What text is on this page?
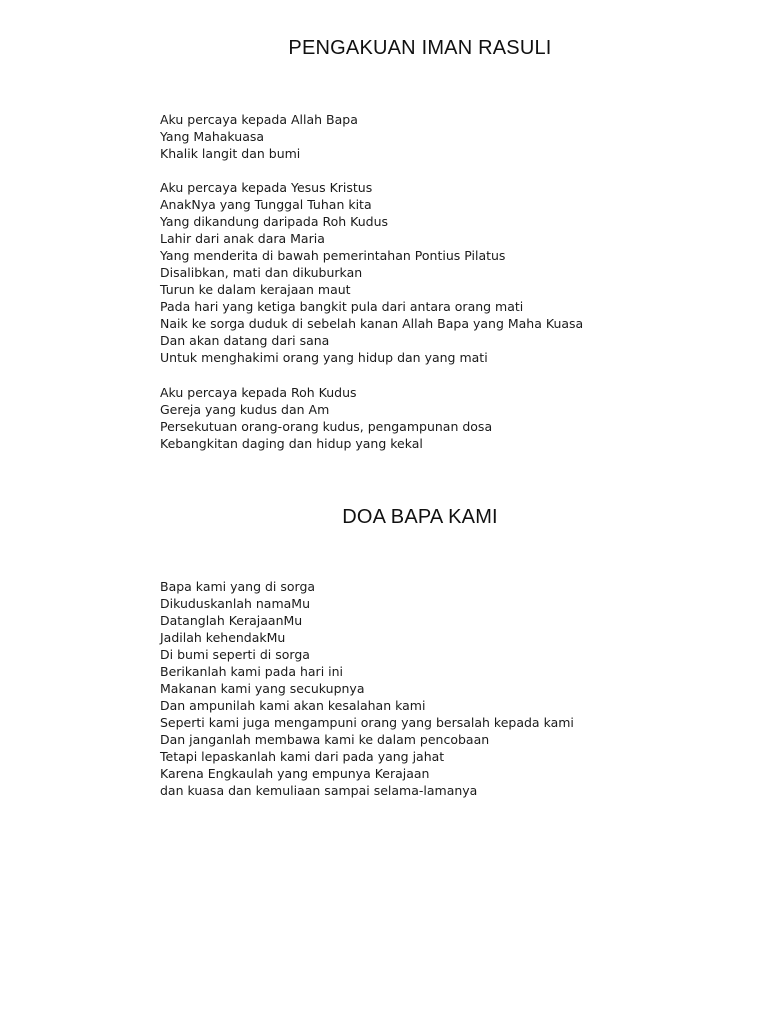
PENGAKUAN IMAN RASULI
Aku percaya kepada Allah Bapa
Yang Mahakuasa
Khalik langit dan bumi
Aku percaya kepada Yesus Kristus
AnakNya yang Tunggal Tuhan kita
Yang dikandung daripada Roh Kudus
Lahir dari anak dara Maria
Yang menderita di bawah pemerintahan Pontius Pilatus
Disalibkan, mati dan dikuburkan
Turun ke dalam kerajaan maut
Pada hari yang ketiga bangkit pula dari antara orang mati
Naik ke sorga duduk di sebelah kanan Allah Bapa yang Maha Kuasa
Dan akan datang dari sana
Untuk menghakimi orang yang hidup dan yang mati
Aku percaya kepada Roh Kudus
Gereja yang kudus dan Am
Persekutuan orang-orang kudus, pengampunan dosa
Kebangkitan daging dan hidup yang kekal
DOA BAPA KAMI
Bapa kami yang di sorga
Dikuduskanlah namaMu
Datanglah KerajaanMu
Jadilah kehendakMu
Di bumi seperti di sorga
Berikanlah kami pada hari ini
Makanan kami yang secukupnya
Dan ampunilah kami akan kesalahan kami
Seperti kami juga mengampuni orang yang bersalah kepada kami
Dan janganlah membawa kami ke dalam pencobaan
Tetapi lepaskanlah kami dari pada yang jahat
Karena Engkaulah yang empunya Kerajaan
dan kuasa dan kemuliaan sampai selama-lamanya
